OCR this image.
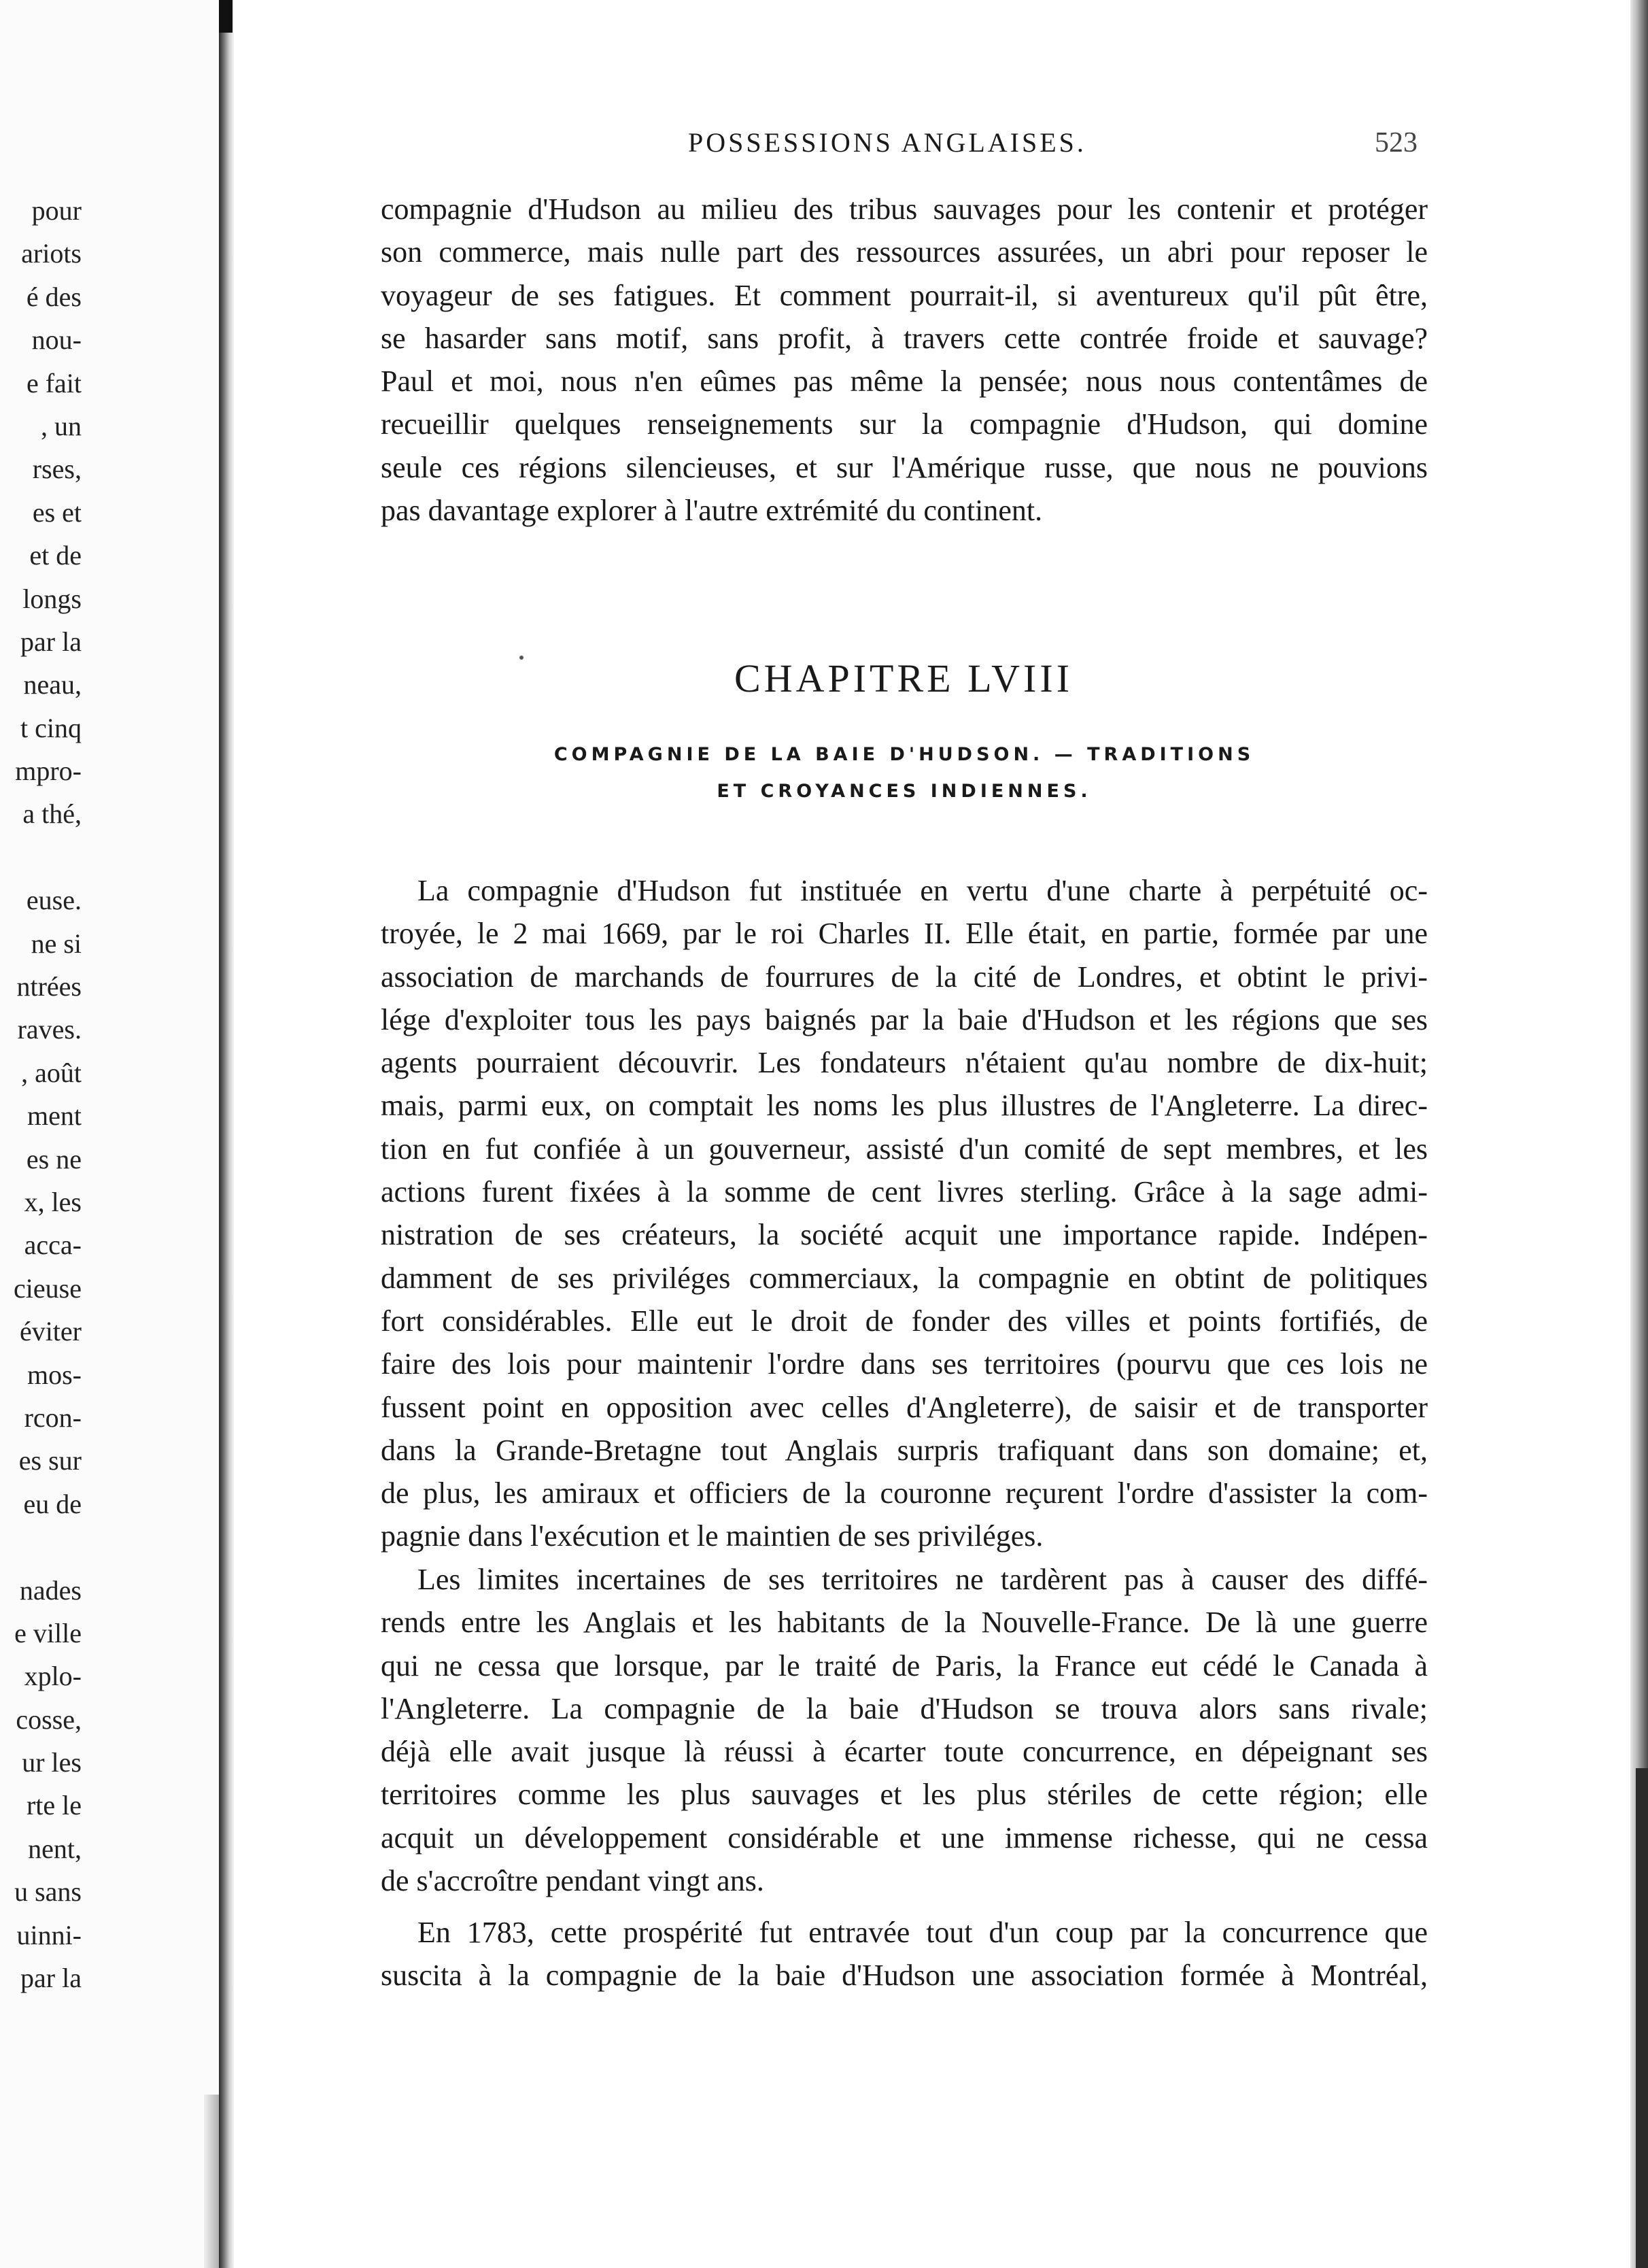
pour
ariots
é des
nou-
e fait
, un
rses,
es et
et de
longs
par la
neau,
t cinq
mpro-
a thé,
euse.
ne si
ntrées
raves.
, août
ment
es ne
x, les
acca-
cieuse
éviter
mos-
rcon-
es sur
eu de
nades
e ville
xplo-
cosse,
ur les
rte le
nent,
u sans
uinni-
par la
POSSESSIONS ANGLAISES.	523
compagnie d'Hudson au milieu des tribus sauvages pour les contenir et protéger
son commerce, mais nulle part des ressources assurées, un abri pour reposer le
voyageur de ses fatigues. Et comment pourrait-il, si aventureux qu'il pût être,
se hasarder sans motif, sans profit, à travers cette contrée froide et sauvage?
Paul et moi, nous n'en eûmes pas même la pensée; nous nous contentâmes de
recueillir quelques renseignements sur la compagnie d'Hudson, qui domine
seule ces régions silencieuses, et sur l'Amérique russe, que nous ne pouvions
pas davantage explorer à l'autre extrémité du continent.
CHAPITRE LVIII
COMPAGNIE DE LA BAIE D'HUDSON. — TRADITIONS
ET CROYANCES INDIENNES.
La compagnie d'Hudson fut instituée en vertu d'une charte à perpétuité oc-
troyée, le 2 mai 1669, par le roi Charles II. Elle était, en partie, formée par une
association de marchands de fourrures de la cité de Londres, et obtint le privi-
lége d'exploiter tous les pays baignés par la baie d'Hudson et les régions que ses
agents pourraient découvrir. Les fondateurs n'étaient qu'au nombre de dix-huit;
mais, parmi eux, on comptait les noms les plus illustres de l'Angleterre. La direc-
tion en fut confiée à un gouverneur, assisté d'un comité de sept membres, et les
actions furent fixées à la somme de cent livres sterling. Grâce à la sage admi-
nistration de ses créateurs, la société acquit une importance rapide. Indépen-
damment de ses priviléges commerciaux, la compagnie en obtint de politiques
fort considérables. Elle eut le droit de fonder des villes et points fortifiés, de
faire des lois pour maintenir l'ordre dans ses territoires (pourvu que ces lois ne
fussent point en opposition avec celles d'Angleterre), de saisir et de transporter
dans la Grande-Bretagne tout Anglais surpris trafiquant dans son domaine; et,
de plus, les amiraux et officiers de la couronne reçurent l'ordre d'assister la com-
pagnie dans l'exécution et le maintien de ses priviléges.
Les limites incertaines de ses territoires ne tardèrent pas à causer des diffé-
rends entre les Anglais et les habitants de la Nouvelle-France. De là une guerre
qui ne cessa que lorsque, par le traité de Paris, la France eut cédé le Canada à
l'Angleterre. La compagnie de la baie d'Hudson se trouva alors sans rivale;
déjà elle avait jusque là réussi à écarter toute concurrence, en dépeignant ses
territoires comme les plus sauvages et les plus stériles de cette région; elle
acquit un développement considérable et une immense richesse, qui ne cessa
de s'accroître pendant vingt ans.
En 1783, cette prospérité fut entravée tout d'un coup par la concurrence que
suscita à la compagnie de la baie d'Hudson une association formée à Montréal,
